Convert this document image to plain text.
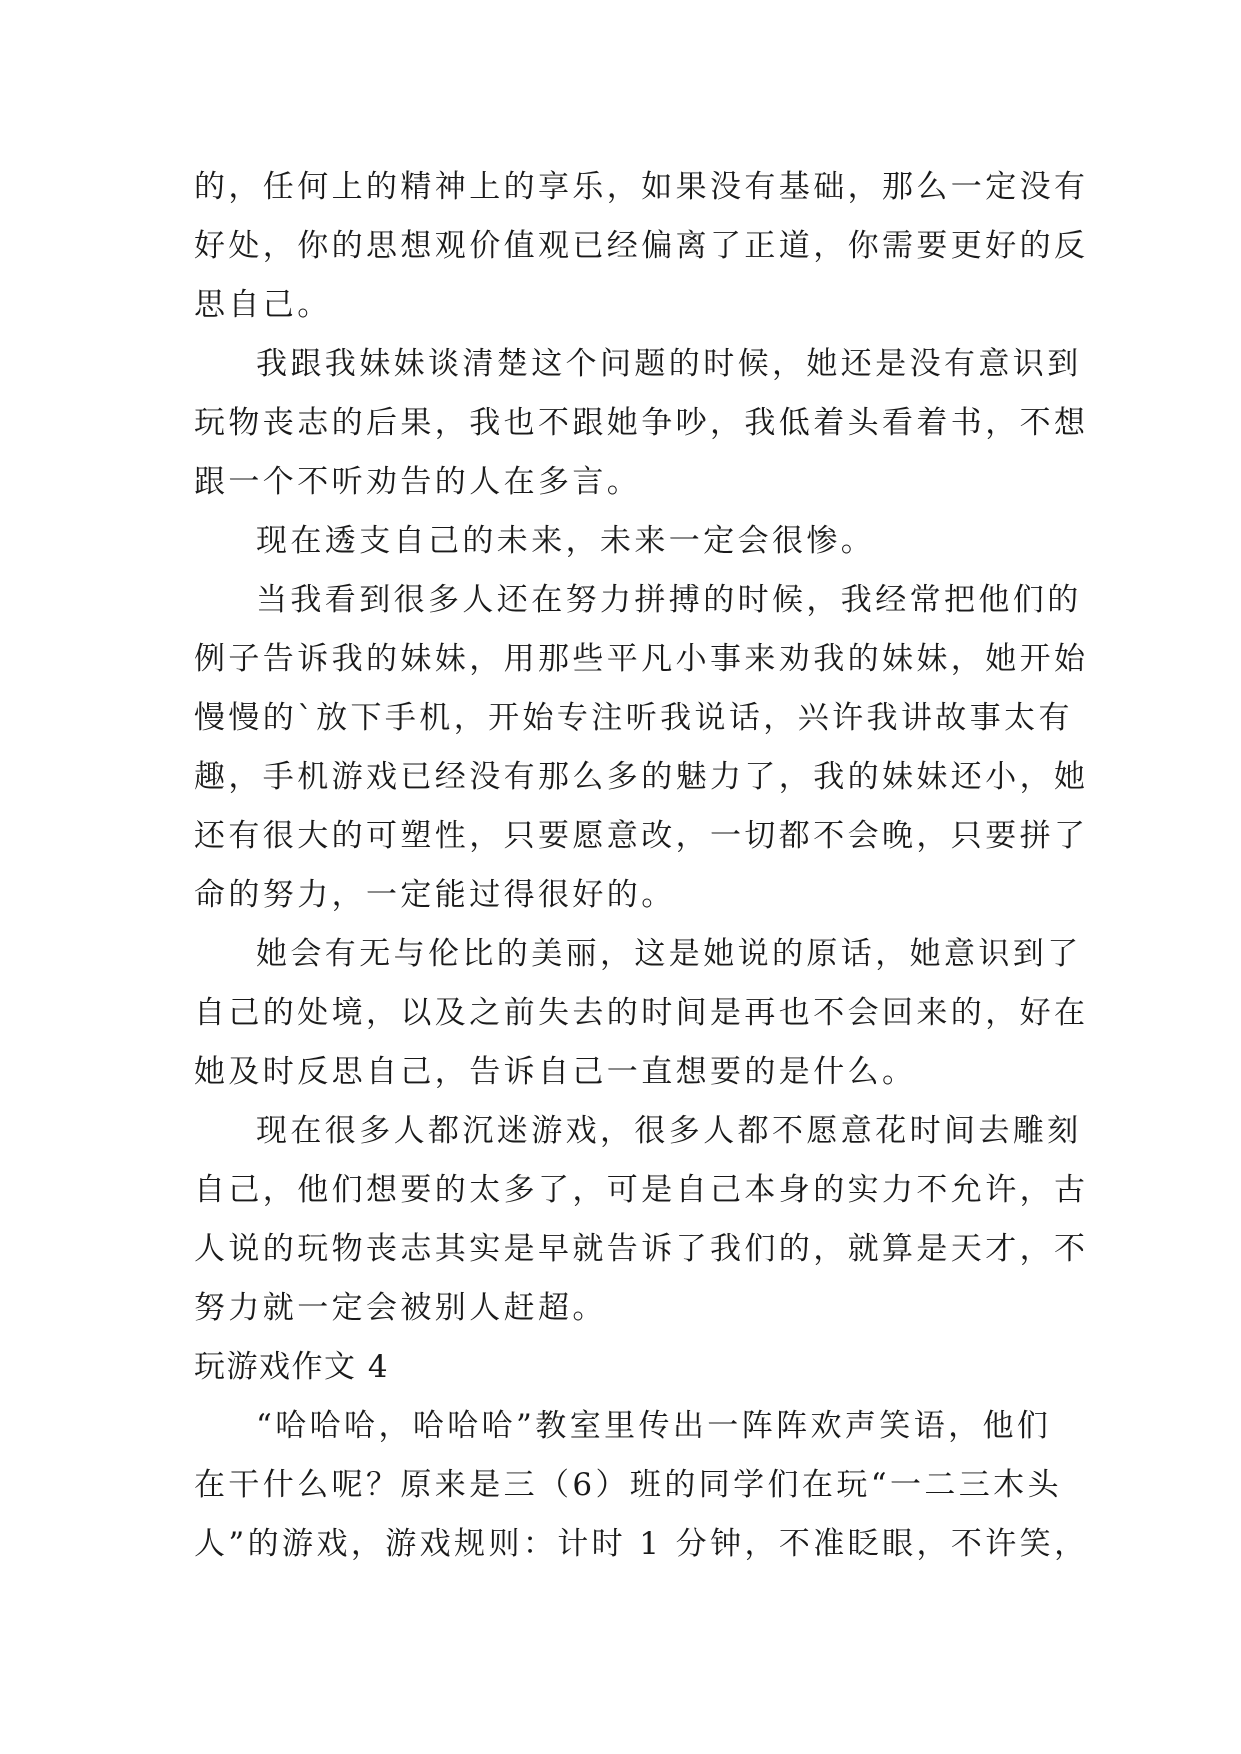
的，任何上的精神上的享乐，如果没有基础，那么一定没有
好处，你的思想观价值观已经偏离了正道，你需要更好的反
思自己。
我跟我妹妹谈清楚这个问题的时候，她还是没有意识到
玩物丧志的后果，我也不跟她争吵，我低着头看着书，不想
跟一个不听劝告的人在多言。
现在透支自己的未来，未来一定会很惨。
当我看到很多人还在努力拼搏的时候，我经常把他们的
例子告诉我的妹妹，用那些平凡小事来劝我的妹妹，她开始
慢慢的`放下手机，开始专注听我说话，兴许我讲故事太有
趣，手机游戏已经没有那么多的魅力了，我的妹妹还小，她
还有很大的可塑性，只要愿意改，一切都不会晚，只要拼了
命的努力，一定能过得很好的。
她会有无与伦比的美丽，这是她说的原话，她意识到了
自己的处境，以及之前失去的时间是再也不会回来的，好在
她及时反思自己，告诉自己一直想要的是什么。
现在很多人都沉迷游戏，很多人都不愿意花时间去雕刻
自己，他们想要的太多了，可是自己本身的实力不允许，古
人说的玩物丧志其实是早就告诉了我们的，就算是天才，不
努力就一定会被别人赶超。
玩游戏作文 4
“哈哈哈，哈哈哈”教室里传出一阵阵欢声笑语，他们
在干什么呢？原来是三（6）班的同学们在玩“一二三木头
人”的游戏，游戏规则：计时 1 分钟，不准眨眼，不许笑，
